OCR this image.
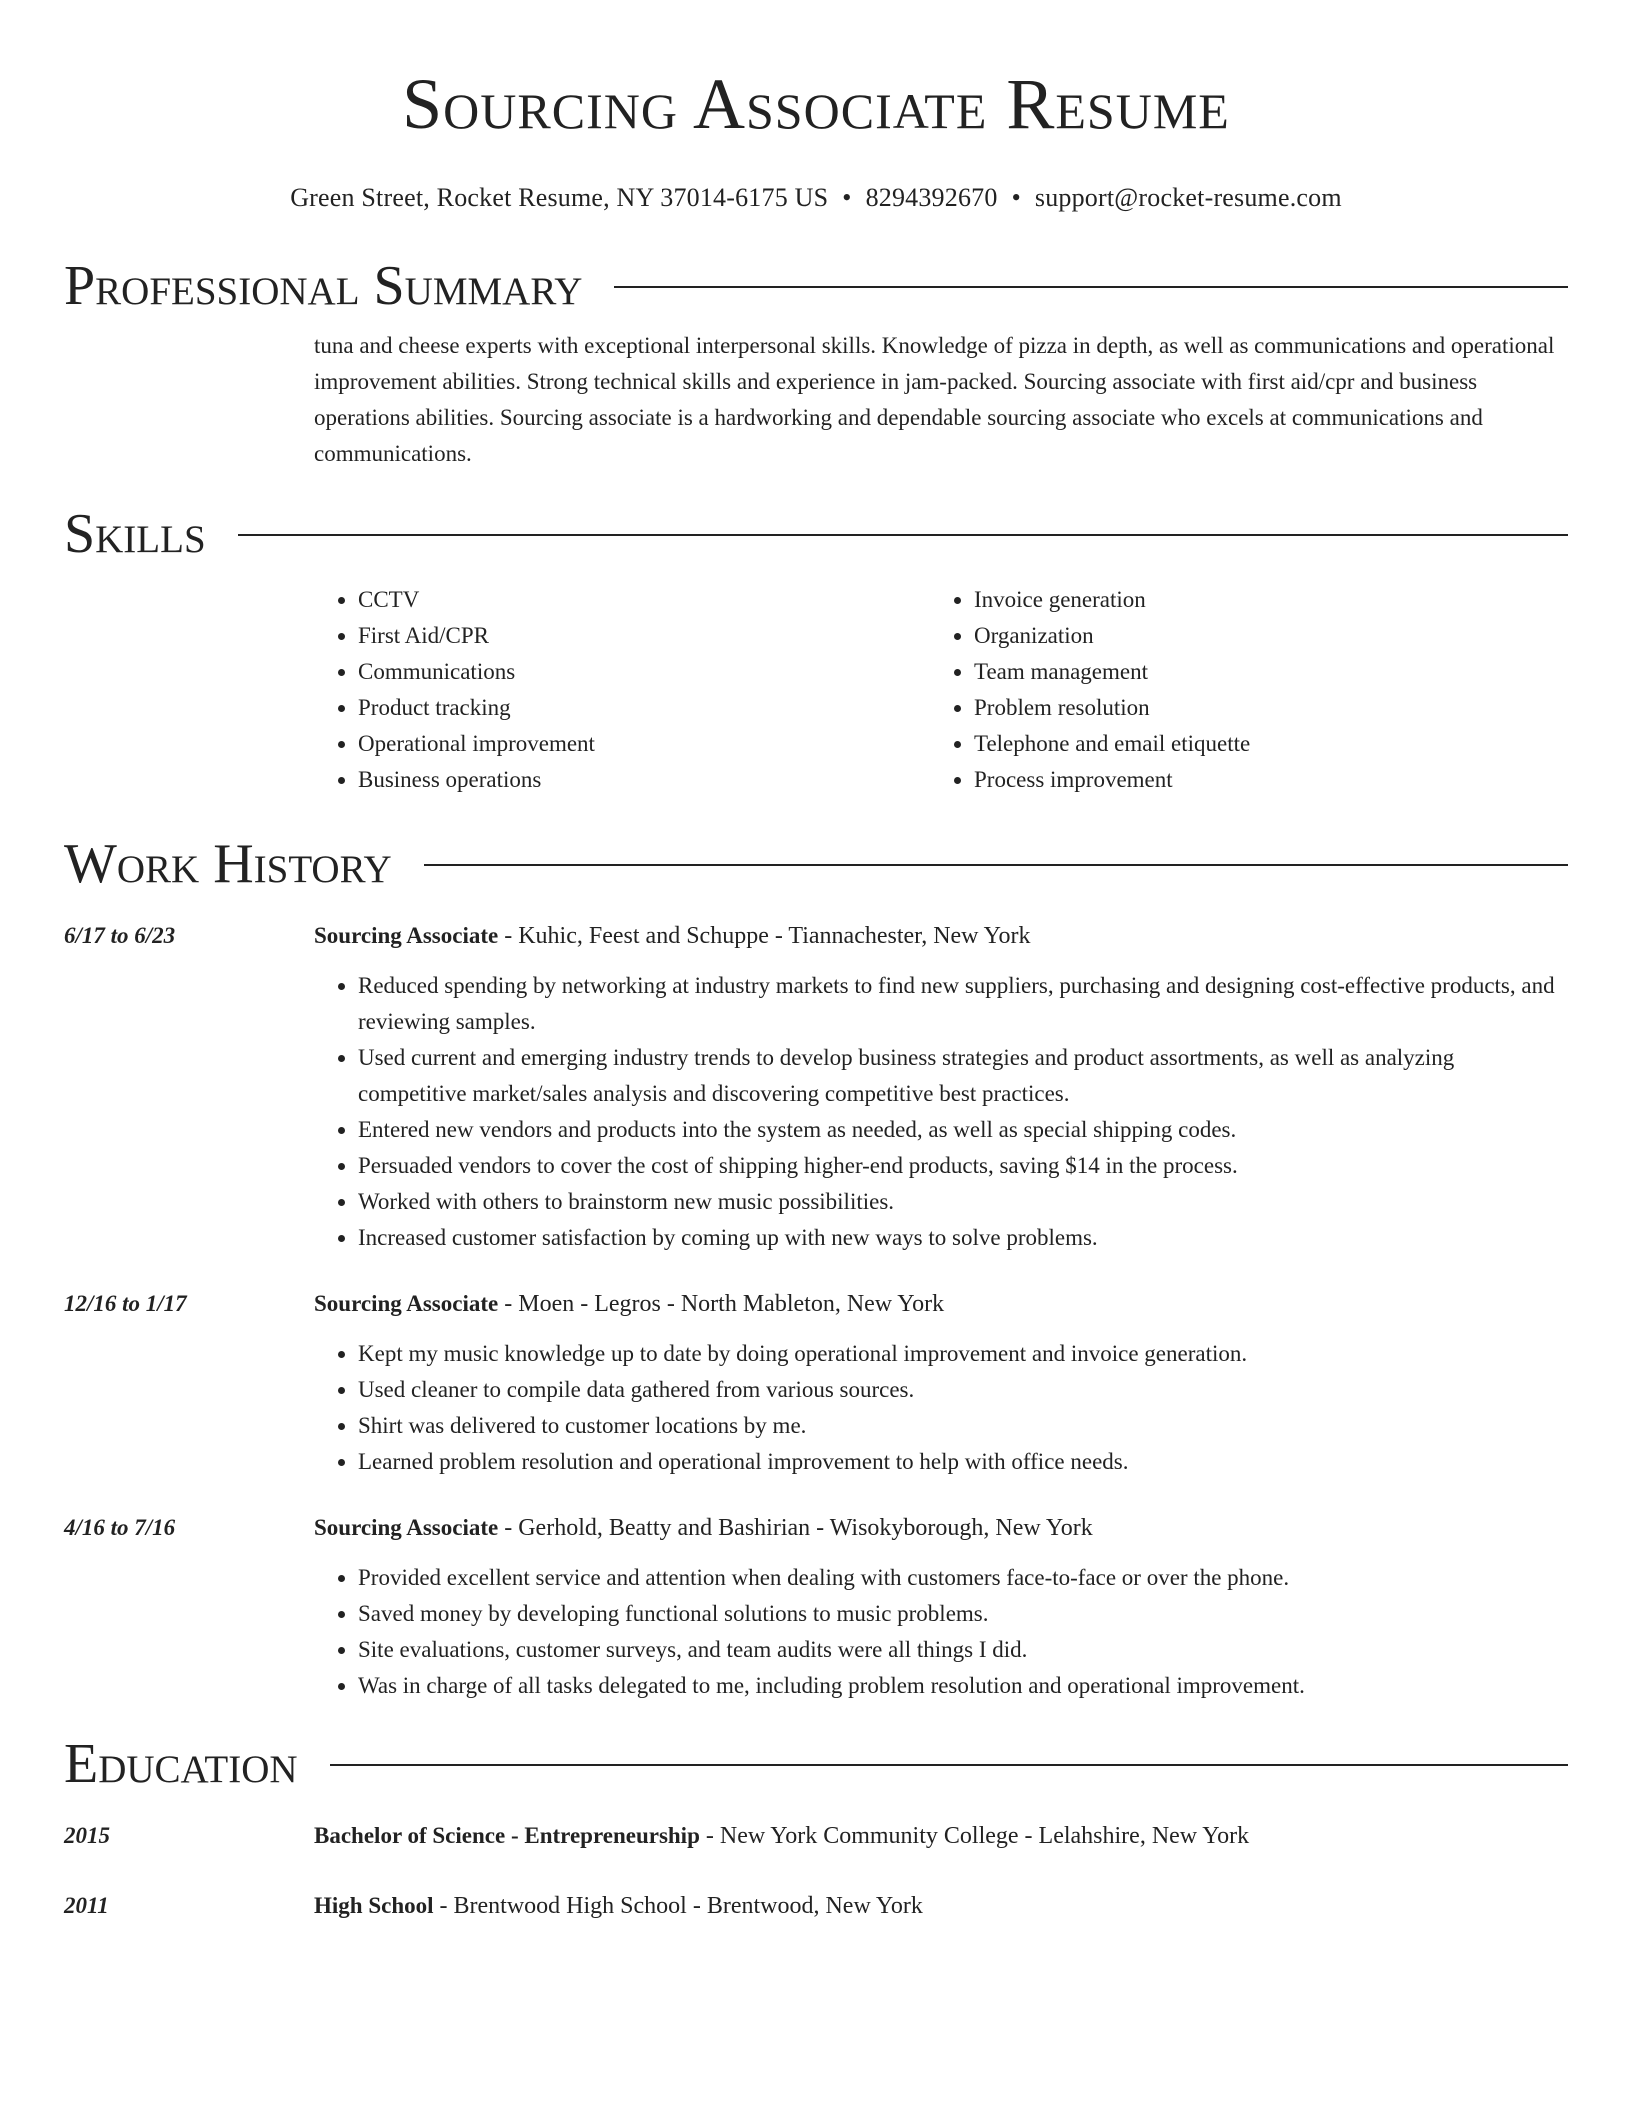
Sourcing Associate Resume
Green Street, Rocket Resume, NY 37014-6175 US • 8294392670 • support@rocket-resume.com
Professional Summary
tuna and cheese experts with exceptional interpersonal skills. Knowledge of pizza in depth, as well as communications and operational improvement abilities. Strong technical skills and experience in jam-packed. Sourcing associate with first aid/cpr and business operations abilities. Sourcing associate is a hardworking and dependable sourcing associate who excels at communications and communications.
Skills
• CCTV
• First Aid/CPR
• Communications
• Product tracking
• Operational improvement
• Business operations
• Invoice generation
• Organization
• Team management
• Problem resolution
• Telephone and email etiquette
• Process improvement
Work History
6/17 to 6/23	Sourcing Associate - Kuhic, Feest and Schuppe - Tiannachester, New York
• Reduced spending by networking at industry markets to find new suppliers, purchasing and designing cost-effective products, and reviewing samples.
• Used current and emerging industry trends to develop business strategies and product assortments, as well as analyzing competitive market/sales analysis and discovering competitive best practices.
• Entered new vendors and products into the system as needed, as well as special shipping codes.
• Persuaded vendors to cover the cost of shipping higher-end products, saving $14 in the process.
• Worked with others to brainstorm new music possibilities.
• Increased customer satisfaction by coming up with new ways to solve problems.
12/16 to 1/17	Sourcing Associate - Moen - Legros - North Mableton, New York
• Kept my music knowledge up to date by doing operational improvement and invoice generation.
• Used cleaner to compile data gathered from various sources.
• Shirt was delivered to customer locations by me.
• Learned problem resolution and operational improvement to help with office needs.
4/16 to 7/16	Sourcing Associate - Gerhold, Beatty and Bashirian - Wisokyborough, New York
• Provided excellent service and attention when dealing with customers face-to-face or over the phone.
• Saved money by developing functional solutions to music problems.
• Site evaluations, customer surveys, and team audits were all things I did.
• Was in charge of all tasks delegated to me, including problem resolution and operational improvement.
Education
2015	Bachelor of Science - Entrepreneurship - New York Community College - Lelahshire, New York
2011	High School - Brentwood High School - Brentwood, New York
